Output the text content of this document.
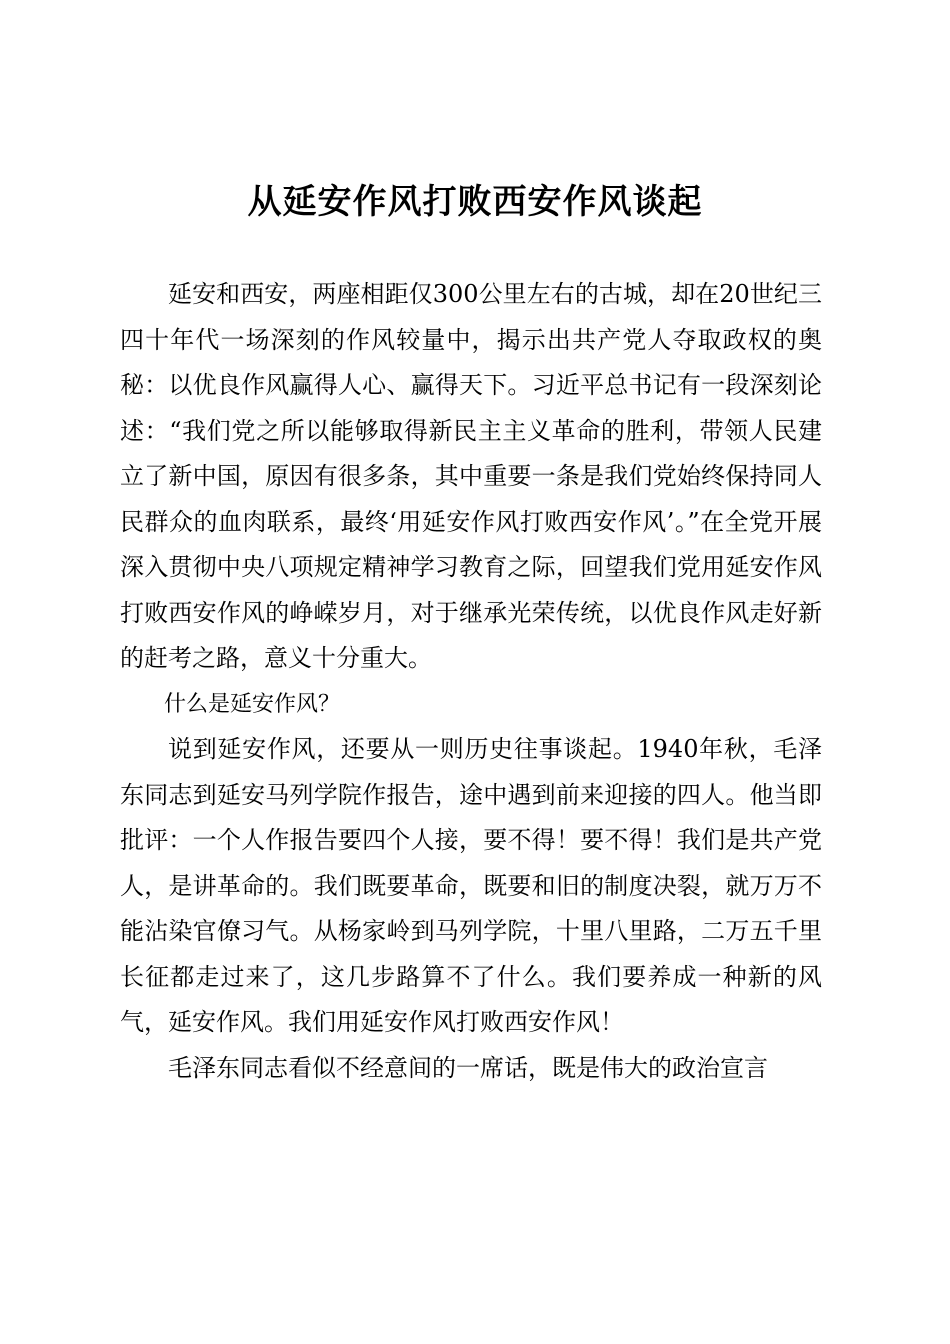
从延安作风打败西安作风谈起

延安和西安，两座相距仅300公里左右的古城，却在20世纪三四十年代一场深刻的作风较量中，揭示出共产党人夺取政权的奥秘：以优良作风赢得人心、赢得天下。习近平总书记有一段深刻论述：“我们党之所以能够取得新民主主义革命的胜利，带领人民建立了新中国，原因有很多条，其中重要一条是我们党始终保持同人民群众的血肉联系，最终‘用延安作风打败西安作风’。”在全党开展深入贯彻中央八项规定精神学习教育之际，回望我们党用延安作风打败西安作风的峥嵘岁月，对于继承光荣传统，以优良作风走好新的赶考之路，意义十分重大。

什么是延安作风？

说到延安作风，还要从一则历史往事谈起。1940年秋，毛泽东同志到延安马列学院作报告，途中遇到前来迎接的四人。他当即批评：一个人作报告要四个人接，要不得！要不得！我们是共产党人，是讲革命的。我们既要革命，既要和旧的制度决裂，就万万不能沾染官僚习气。从杨家岭到马列学院，十里八里路，二万五千里长征都走过来了，这几步路算不了什么。我们要养成一种新的风气，延安作风。我们用延安作风打败西安作风！

毛泽东同志看似不经意间的一席话，既是伟大的政治宣言
